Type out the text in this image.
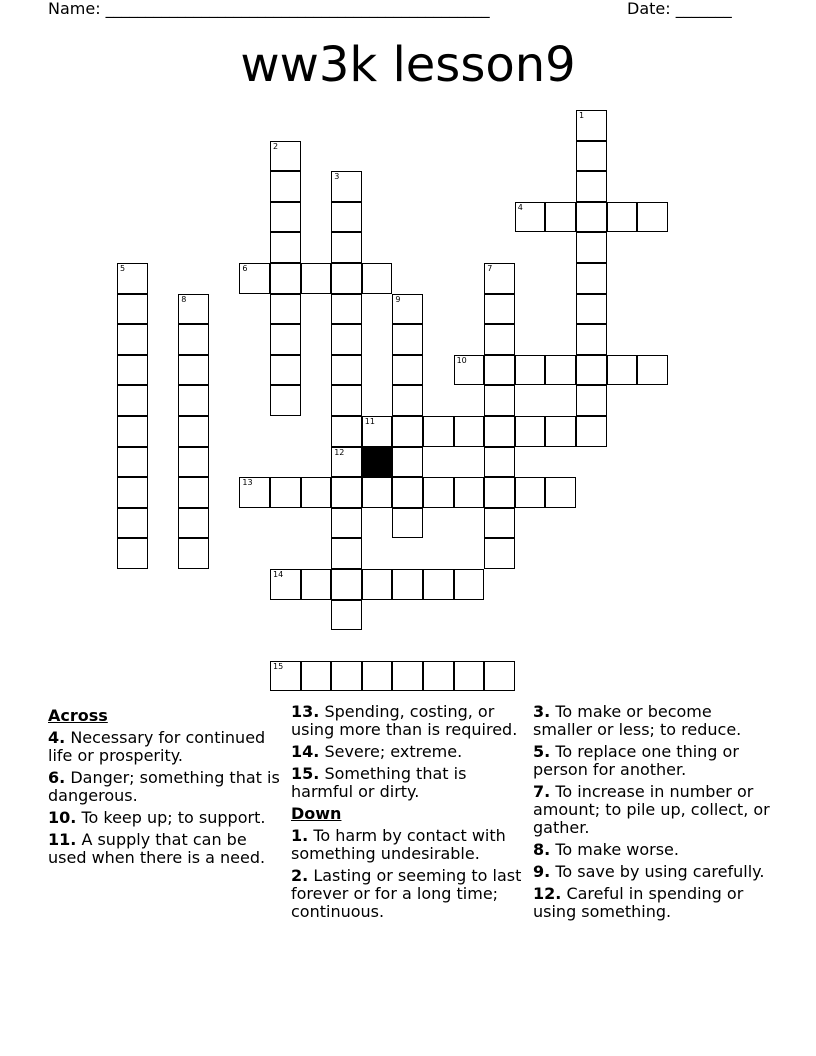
Name: ________________________________________________	Date: _______
ww3k lesson9
1
2
3
12
4
5	6	7
8	9
10
11
13
14
15
Across
4. Necessary for continued life or prosperity.
6. Danger; something that is dangerous.
10. To keep up; to support.
11. A supply that can be used when there is a need.
13. Spending, costing, or using more than is required.
14. Severe; extreme.
15. Something that is harmful or dirty.
Down
1. To harm by contact with something undesirable.
2. Lasting or seeming to last forever or for a long time; continuous.
3. To make or become smaller or less; to reduce.
5. To replace one thing or person for another.
7. To increase in number or amount; to pile up, collect, or gather.
8. To make worse.
9. To save by using carefully.
12. Careful in spending or using something.
